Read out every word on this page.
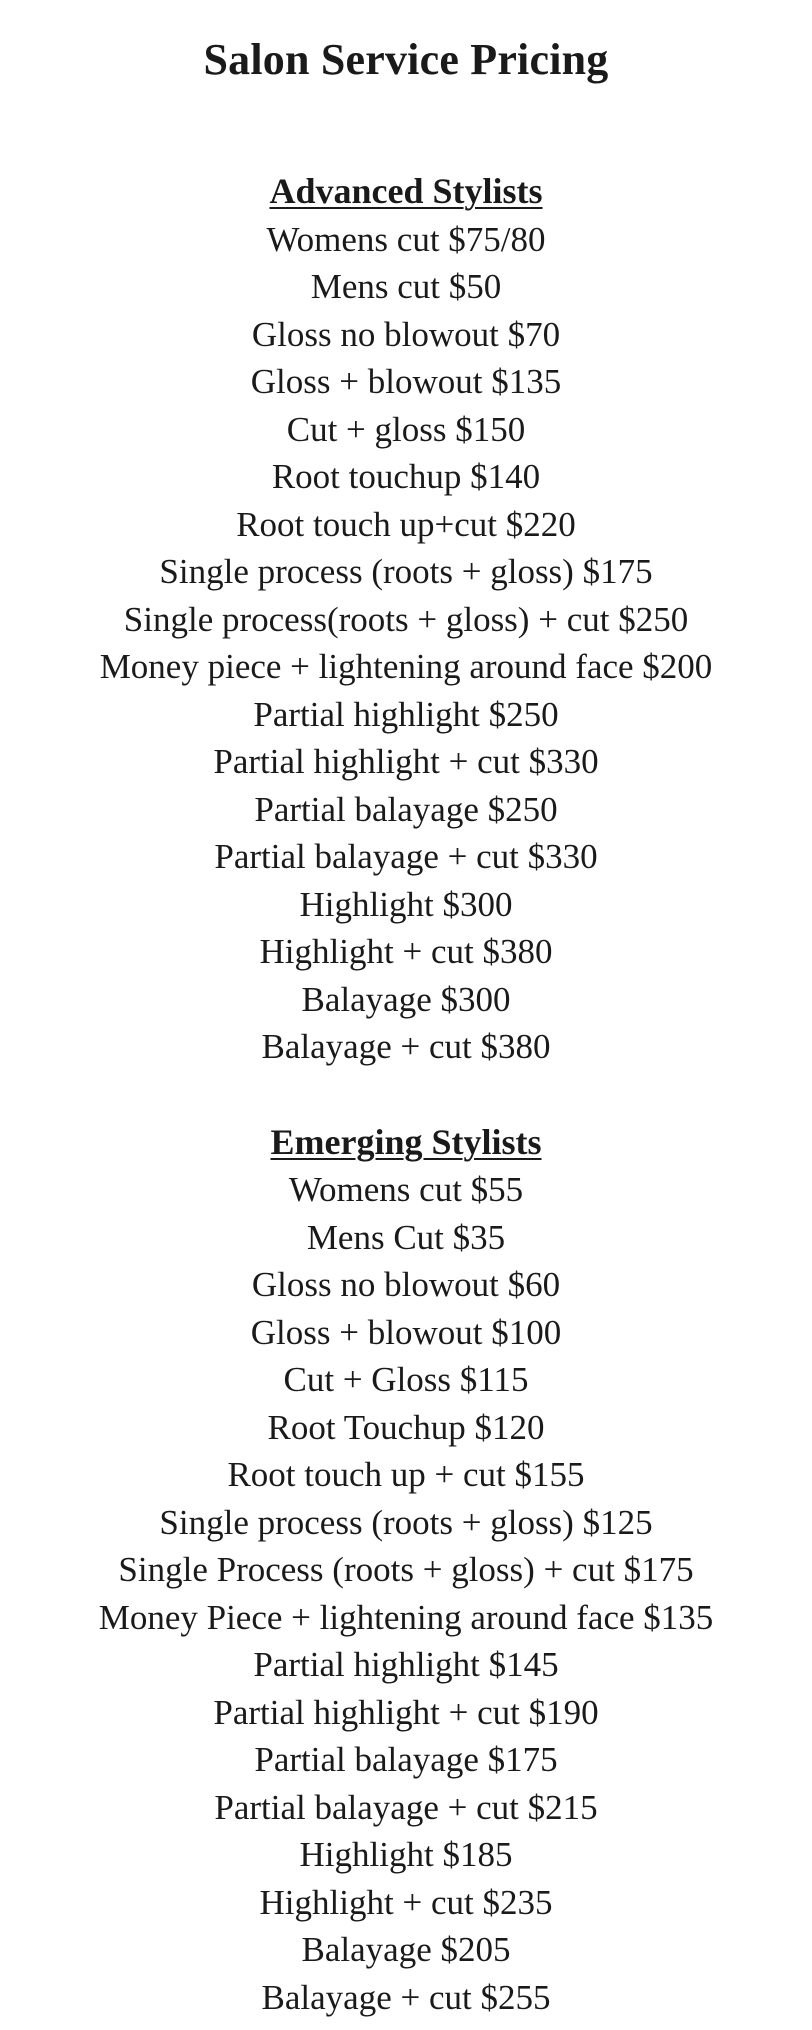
Salon Service Pricing
Advanced Stylists
Womens cut $75/80
Mens cut $50
Gloss no blowout $70
Gloss + blowout $135
Cut + gloss $150
Root touchup $140
Root touch up+cut $220
Single process (roots + gloss) $175
Single process(roots + gloss) + cut $250
Money piece + lightening around face $200
Partial highlight $250
Partial highlight + cut $330
Partial balayage $250
Partial balayage + cut $330
Highlight $300
Highlight + cut $380
Balayage $300
Balayage + cut $380
Emerging Stylists
Womens cut $55
Mens Cut $35
Gloss no blowout $60
Gloss + blowout $100
Cut + Gloss $115
Root Touchup $120
Root touch up + cut $155
Single process (roots + gloss) $125
Single Process (roots + gloss) + cut $175
Money Piece + lightening around face $135
Partial highlight $145
Partial highlight + cut $190
Partial balayage $175
Partial balayage + cut $215
Highlight $185
Highlight + cut $235
Balayage $205
Balayage + cut $255
